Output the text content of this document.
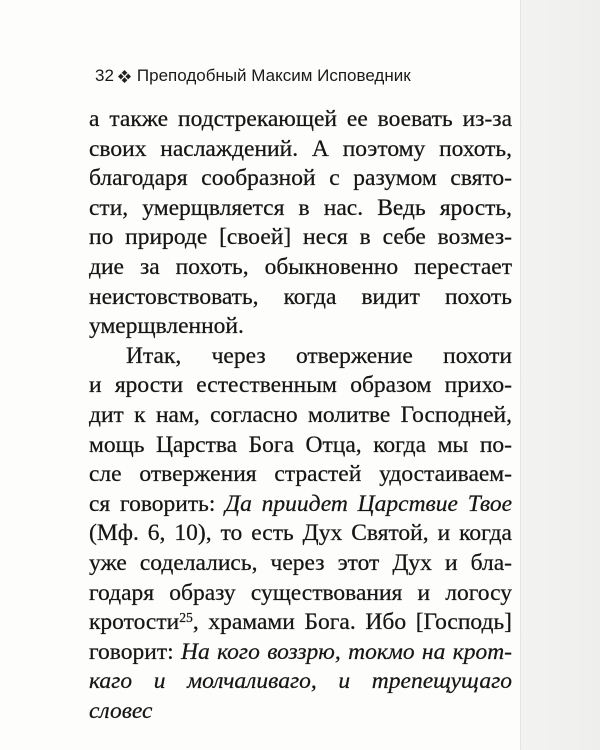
32 Преподобный Максим Исповедник
а также подстрекающей ее воевать из-за
своих наслаждений. А поэтому похоть,
благодаря сообразной с разумом свято-
сти, умерщвляется в нас. Ведь ярость,
по природе [своей] неся в себе возмез-
дие за похоть, обыкновенно перестает
неистовствовать, когда видит похоть
умерщвленной.
Итак, через отвержение похоти
и ярости естественным образом прихо-
дит к нам, согласно молитве Господней,
мощь Царства Бога Отца, когда мы по-
сле отвержения страстей удостаиваем-
ся говорить: Да приидет Царствие Твое
(Мф. 6, 10), то есть Дух Святой, и когда
уже соделались, через этот Дух и бла-
годаря образу существования и логосу
кротости$^{25}$, храмами Бога. Ибо [Господь]
говорит: На кого воззрю, токмо на крот-
каго и молчаливаго, и трепещущаго словес
